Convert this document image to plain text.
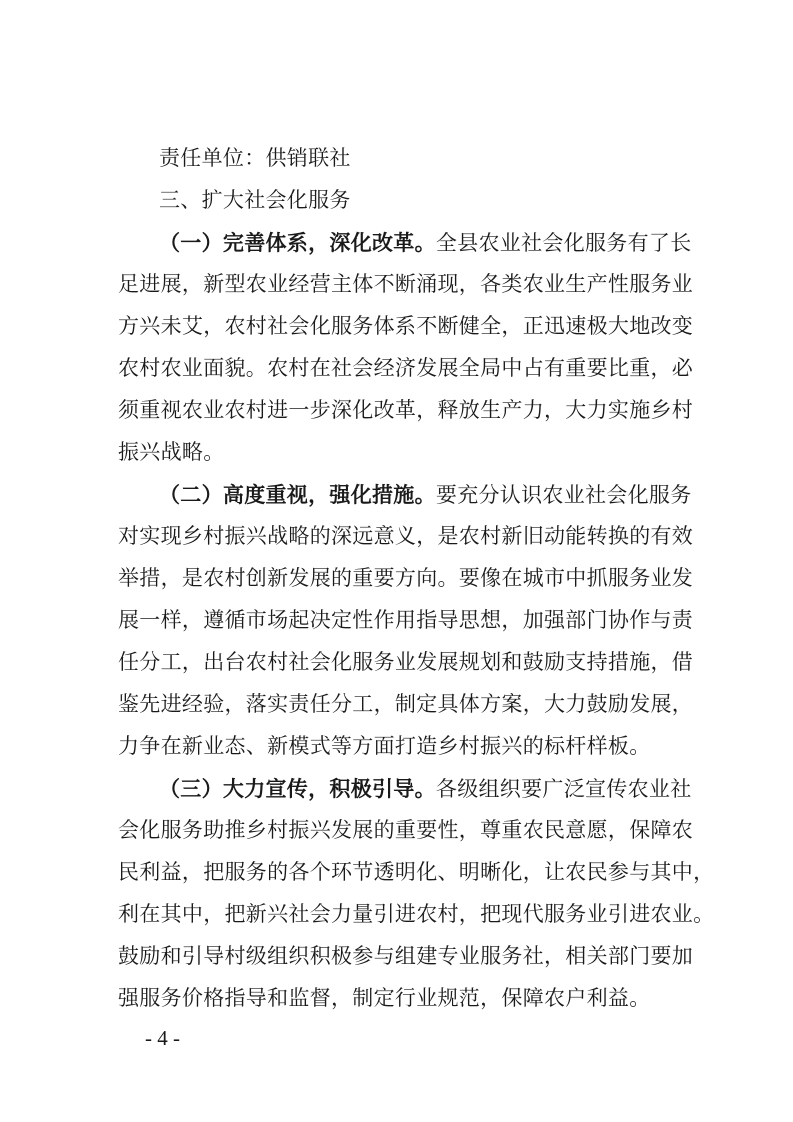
责任单位：供销联社
三、扩大社会化服务
（一）完善体系，深化改革。全县农业社会化服务有了长
足进展，新型农业经营主体不断涌现，各类农业生产性服务业
方兴未艾，农村社会化服务体系不断健全，正迅速极大地改变
农村农业面貌。农村在社会经济发展全局中占有重要比重，必
须重视农业农村进一步深化改革，释放生产力，大力实施乡村
振兴战略。
（二）高度重视，强化措施。要充分认识农业社会化服务
对实现乡村振兴战略的深远意义，是农村新旧动能转换的有效
举措，是农村创新发展的重要方向。要像在城市中抓服务业发
展一样，遵循市场起决定性作用指导思想，加强部门协作与责
任分工，出台农村社会化服务业发展规划和鼓励支持措施，借
鉴先进经验，落实责任分工，制定具体方案，大力鼓励发展，
力争在新业态、新模式等方面打造乡村振兴的标杆样板。
（三）大力宣传，积极引导。各级组织要广泛宣传农业社
会化服务助推乡村振兴发展的重要性，尊重农民意愿，保障农
民利益，把服务的各个环节透明化、明晰化，让农民参与其中，
利在其中，把新兴社会力量引进农村，把现代服务业引进农业。
鼓励和引导村级组织积极参与组建专业服务社，相关部门要加
强服务价格指导和监督，制定行业规范，保障农户利益。
- 4 -
